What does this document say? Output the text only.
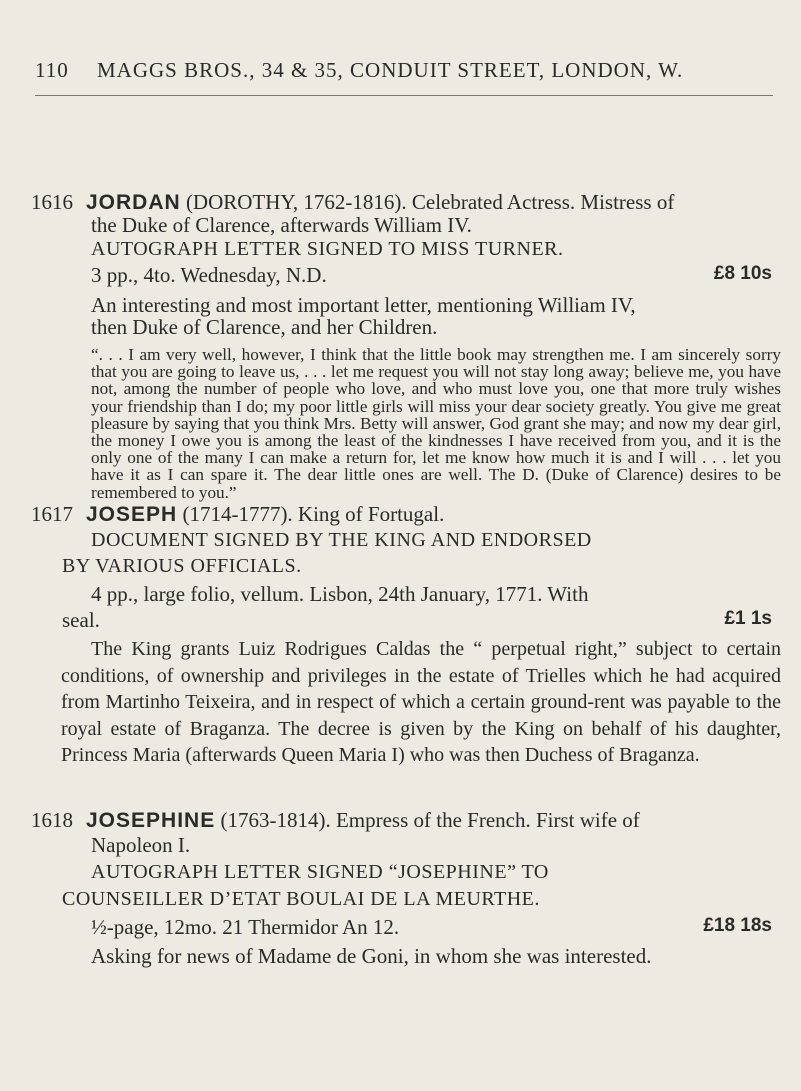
110 MAGGS BROS., 34 & 35, CONDUIT STREET, LONDON, W.
1616 JORDAN (DOROTHY, 1762-1816). Celebrated Actress. Mistress of
the Duke of Clarence, afterwards William IV.
AUTOGRAPH LETTER SIGNED TO MISS TURNER.
3 pp., 4to. Wednesday, N.D.	£8 10s
An interesting and most important letter, mentioning William IV,
then Duke of Clarence, and her Children.
“. . . I am very well, however, I think that the little book may strengthen me. I am sincerely sorry that you are going to leave us, . . . let me request you will not stay long away; believe me, you have not, among the number of people who love, and who must love you, one that more truly wishes your friendship than I do; my poor little girls will miss your dear society greatly. You give me great pleasure by saying that you think Mrs. Betty will answer, God grant she may; and now my dear girl, the money I owe you is among the least of the kindnesses I have received from you, and it is the only one of the many I can make a return for, let me know how much it is and I will . . . let you have it as I can spare it. The dear little ones are well. The D. (Duke of Clarence) desires to be remembered to you.”
1617 JOSEPH (1714-1777). King of Fortugal.
DOCUMENT SIGNED BY THE KING AND ENDORSED
BY VARIOUS OFFICIALS.
4 pp., large folio, vellum. Lisbon, 24th January, 1771. With
seal.	£1 1s
The King grants Luiz Rodrigues Caldas the “ perpetual right,” subject to certain conditions, of ownership and privileges in the estate of Trielles which he had acquired from Martinho Teixeira, and in respect of which a certain ground-rent was payable to the royal estate of Braganza. The decree is given by the King on behalf of his daughter, Princess Maria (afterwards Queen Maria I) who was then Duchess of Braganza.
1618 JOSEPHINE (1763-1814). Empress of the French. First wife of
Napoleon I.
AUTOGRAPH LETTER SIGNED “JOSEPHINE” TO
COUNSEILLER D’ETAT BOULAI DE LA MEURTHE.
½-page, 12mo. 21 Thermidor An 12.	£18 18s
Asking for news of Madame de Goni, in whom she was interested.
